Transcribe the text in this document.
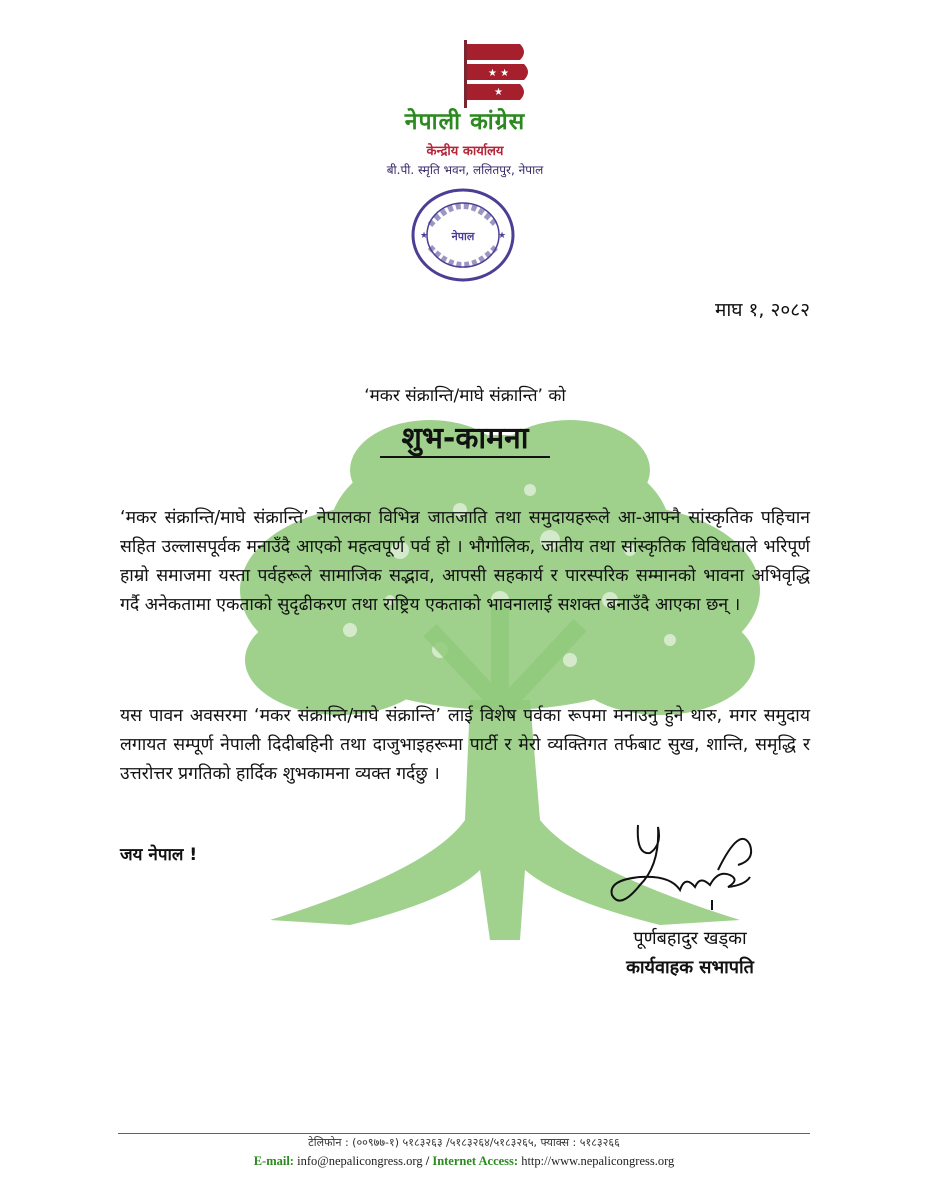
★ ★
★
नेपाली कांग्रेस
केन्द्रीय कार्यालय
बी.पी. स्मृति भवन, ललितपुर, नेपाल
नेपाल
★	★
माघ १, २०८२
‘मकर संक्रान्ति/माघे संक्रान्ति’ को
शुभ-कामना
‘मकर संक्रान्ति/माघे संक्रान्ति’ नेपालका विभिन्न जातजाति तथा समुदायहरूले आ-आफ्नै सांस्कृतिक पहिचान सहित उल्लासपूर्वक मनाउँदै आएको महत्वपूर्ण पर्व हो । भौगोलिक, जातीय तथा सांस्कृतिक विविधताले भरिपूर्ण हाम्रो समाजमा यस्ता पर्वहरूले सामाजिक सद्भाव, आपसी सहकार्य र पारस्परिक सम्मानको भावना अभिवृद्धि गर्दै अनेकतामा एकताको सुदृढीकरण तथा राष्ट्रिय एकताको भावनालाई सशक्त बनाउँदै आएका छन् ।
यस पावन अवसरमा ‘मकर संक्रान्ति/माघे संक्रान्ति’ लाई विशेष पर्वका रूपमा मनाउनु हुने थारु, मगर समुदाय लगायत सम्पूर्ण नेपाली दिदीबहिनी तथा दाजुभाइहरूमा पार्टी र मेरो व्यक्तिगत तर्फबाट सुख, शान्ति, समृद्धि र उत्तरोत्तर प्रगतिको हार्दिक शुभकामना व्यक्त गर्दछु ।
जय नेपाल !
पूर्णबहादुर खड्का
कार्यवाहक सभापति
टेलिफोन : (००९७७-१) ५१८३२६३ /५१८३२६४/५१८३२६५, फ्याक्स : ५१८३२६६
E-mail: info@nepalicongress.org / Internet Access: http://www.nepalicongress.org
